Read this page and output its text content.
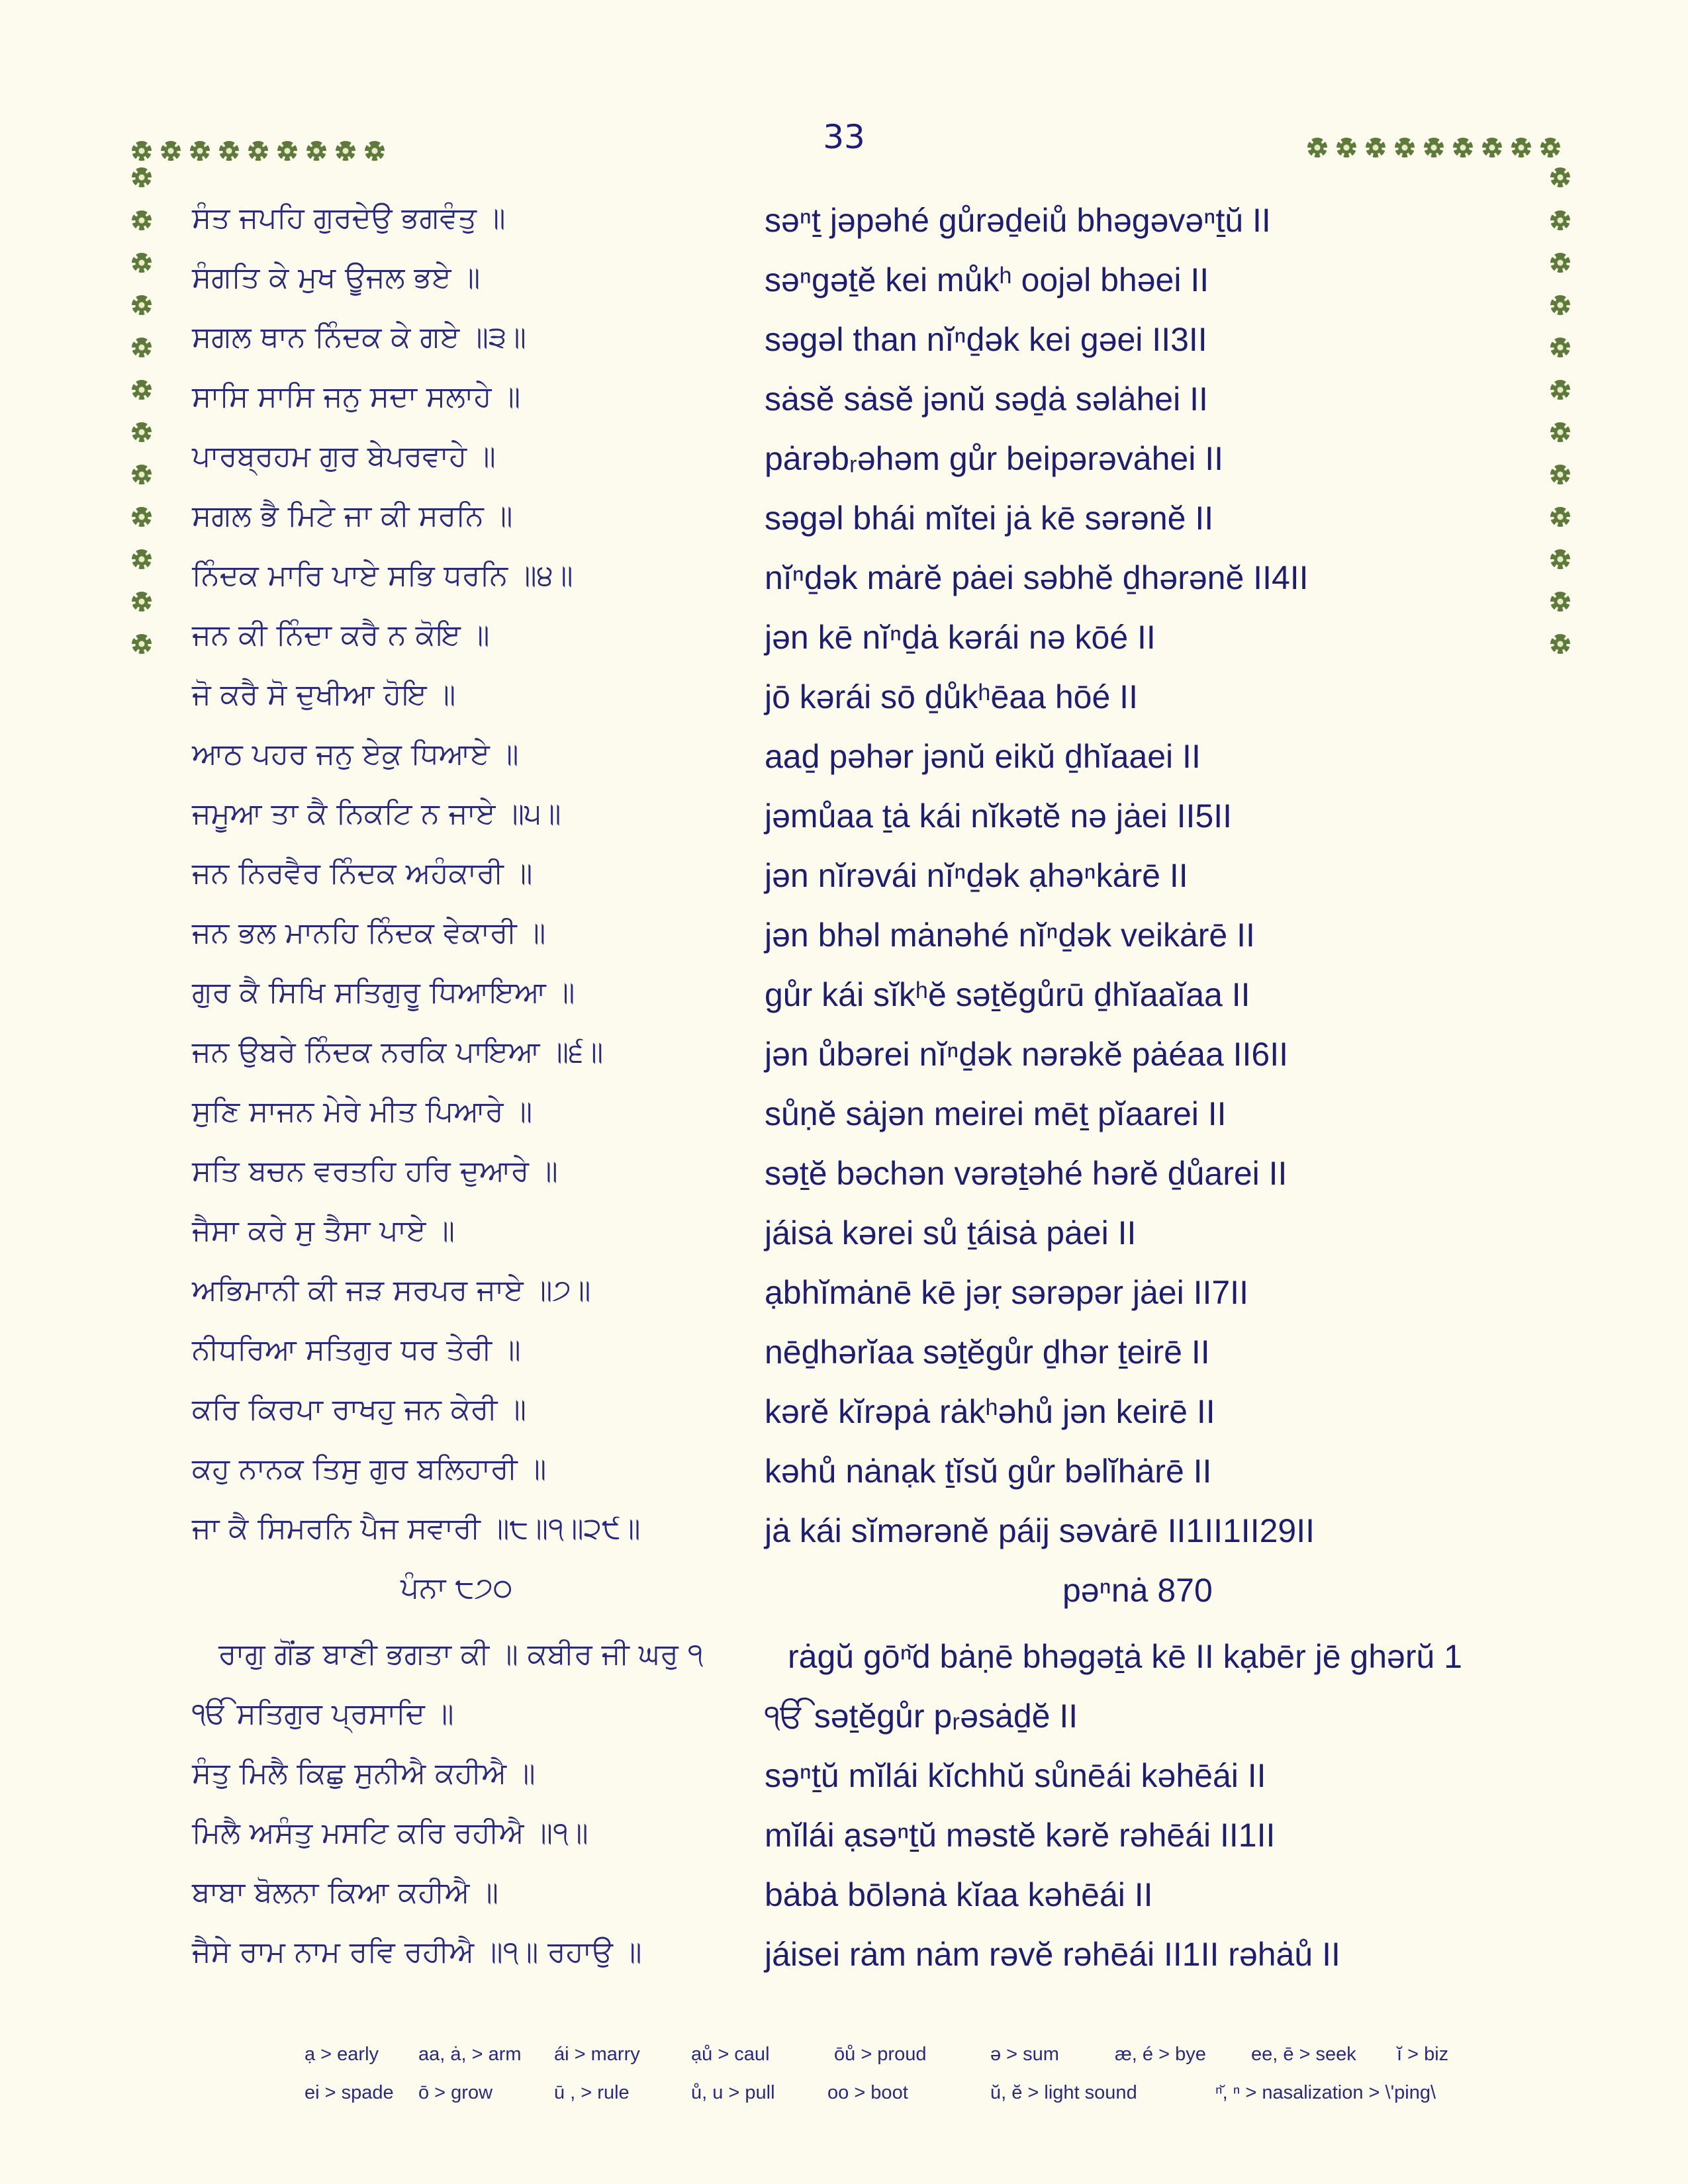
33
ਸੰਤ ਜਪਹਿ ਗੁਰਦੇਉ ਭਗਵੰਤੁ ॥	səⁿṯ jəpəhé gůrəḏeiů bhəgəvəⁿṯŭ II
ਸੰਗਤਿ ਕੇ ਮੁਖ ਊਜਲ ਭਏ ॥	səⁿgəṯĕ kei můkʰ oojəl bhəei II
ਸਗਲ ਥਾਨ ਨਿੰਦਕ ਕੇ ਗਏ ॥੩॥	səgəl than nĭⁿḏək kei gəei II3II
ਸਾਸਿ ਸਾਸਿ ਜਨੁ ਸਦਾ ਸਲਾਹੇ ॥	sȧsĕ sȧsĕ jənŭ səḏȧ səlȧhei II
ਪਾਰਬ੍ਰਹਮ ਗੁਰ ਬੇਪਰਵਾਹੇ ॥	pȧrəbᵣəhəm gůr beipərəvȧhei II
ਸਗਲ ਭੈ ਮਿਟੇ ਜਾ ਕੀ ਸਰਨਿ ॥	səgəl bhái mĭtei jȧ kē sərənĕ II
ਨਿੰਦਕ ਮਾਰਿ ਪਾਏ ਸਭਿ ਧਰਨਿ ॥੪॥	nĭⁿḏək mȧrĕ pȧei səbhĕ ḏhərənĕ II4II
ਜਨ ਕੀ ਨਿੰਦਾ ਕਰੈ ਨ ਕੋਇ ॥	jən kē nĭⁿḏȧ kərái nə kōé II
ਜੋ ਕਰੈ ਸੋ ਦੁਖੀਆ ਹੋਇ ॥	jō kərái sō ḏůkʰēaa hōé II
ਆਠ ਪਹਰ ਜਨੁ ਏਕੁ ਧਿਆਏ ॥	aaḏ pəhər jənŭ eikŭ ḏhĭaaei II
ਜਮੂਆ ਤਾ ਕੈ ਨਿਕਟਿ ਨ ਜਾਏ ॥੫॥	jəmůaa ṯȧ kái nĭkətĕ nə jȧei II5II
ਜਨ ਨਿਰਵੈਰ ਨਿੰਦਕ ਅਹੰਕਾਰੀ ॥	jən nĭrəvái nĭⁿḏək ạhəⁿkȧrē II
ਜਨ ਭਲ ਮਾਨਹਿ ਨਿੰਦਕ ਵੇਕਾਰੀ ॥	jən bhəl mȧnəhé nĭⁿḏək veikȧrē II
ਗੁਰ ਕੈ ਸਿਖਿ ਸਤਿਗੁਰੂ ਧਿਆਇਆ ॥	gůr kái sĭkʰĕ səṯĕgůrū ḏhĭaaĭaa II
ਜਨ ਉਬਰੇ ਨਿੰਦਕ ਨਰਕਿ ਪਾਇਆ ॥੬॥	jən ůbərei nĭⁿḏək nərəkĕ pȧéaa II6II
ਸੁਣਿ ਸਾਜਨ ਮੇਰੇ ਮੀਤ ਪਿਆਰੇ ॥	sůṇĕ sȧjən meirei mēṯ pĭaarei II
ਸਤਿ ਬਚਨ ਵਰਤਹਿ ਹਰਿ ਦੁਆਰੇ ॥	səṯĕ bəchən vərəṯəhé hərĕ ḏůarei II
ਜੈਸਾ ਕਰੇ ਸੁ ਤੈਸਾ ਪਾਏ ॥	jáisȧ kərei sů ṯáisȧ pȧei II
ਅਭਿਮਾਨੀ ਕੀ ਜੜ ਸਰਪਰ ਜਾਏ ॥੭॥	ạbhĭmȧnē kē jəṛ sərəpər jȧei II7II
ਨੀਧਰਿਆ ਸਤਿਗੁਰ ਧਰ ਤੇਰੀ ॥	nēḏhərĭaa səṯĕgůr ḏhər ṯeirē II
ਕਰਿ ਕਿਰਪਾ ਰਾਖਹੁ ਜਨ ਕੇਰੀ ॥	kərĕ kĭrəpȧ rȧkʰəhů jən keirē II
ਕਹੁ ਨਾਨਕ ਤਿਸੁ ਗੁਰ ਬਲਿਹਾਰੀ ॥	kəhů nȧnạk ṯĭsŭ gůr bəlĭhȧrē II
ਜਾ ਕੈ ਸਿਮਰਨਿ ਪੈਜ ਸਵਾਰੀ ॥੮॥੧॥੨੯॥	jȧ kái sĭmərənĕ páij səvȧrē II1II1II29II
ਪੰਨਾ ੮੭੦	pəⁿnȧ 870
ਰਾਗੁ ਗੋਂਡ ਬਾਣੀ ਭਗਤਾ ਕੀ ॥ ਕਬੀਰ ਜੀ ਘਰੁ ੧	rȧgŭ gōⁿ̆d bȧṇē bhəgəṯȧ kē II kạbēr jē ghərŭ 1
ੴ ਸਤਿਗੁਰ ਪ੍ਰਸਾਦਿ ॥	ੴ səṯĕgůr pᵣəsȧḏĕ II
ਸੰਤੁ ਮਿਲੈ ਕਿਛੁ ਸੁਨੀਐ ਕਹੀਐ ॥	səⁿṯŭ mĭlái kĭchhŭ sůnēái kəhēái II
ਮਿਲੈ ਅਸੰਤੁ ਮਸਟਿ ਕਰਿ ਰਹੀਐ ॥੧॥	mĭlái ạsəⁿṯŭ məstĕ kərĕ rəhēái II1II
ਬਾਬਾ ਬੋਲਨਾ ਕਿਆ ਕਹੀਐ ॥	bȧbȧ bōlənȧ kĭaa kəhēái II
ਜੈਸੇ ਰਾਮ ਨਾਮ ਰਵਿ ਰਹੀਐ ॥੧॥ ਰਹਾਉ ॥	jáisei rȧm nȧm rəvĕ rəhēái II1II rəhȧů II
ạ > early aa, ȧ, > arm ái > marry	ạů > caul	ōů > proud	ə > sum	æ, é > bye ee, ē > seek ĭ > biz
ei > spade ō > grow	ū , > rule	ů, u > pull	oo > boot	ŭ, ĕ > light sound	ⁿ̆, ⁿ > nasalization > \'ping\
